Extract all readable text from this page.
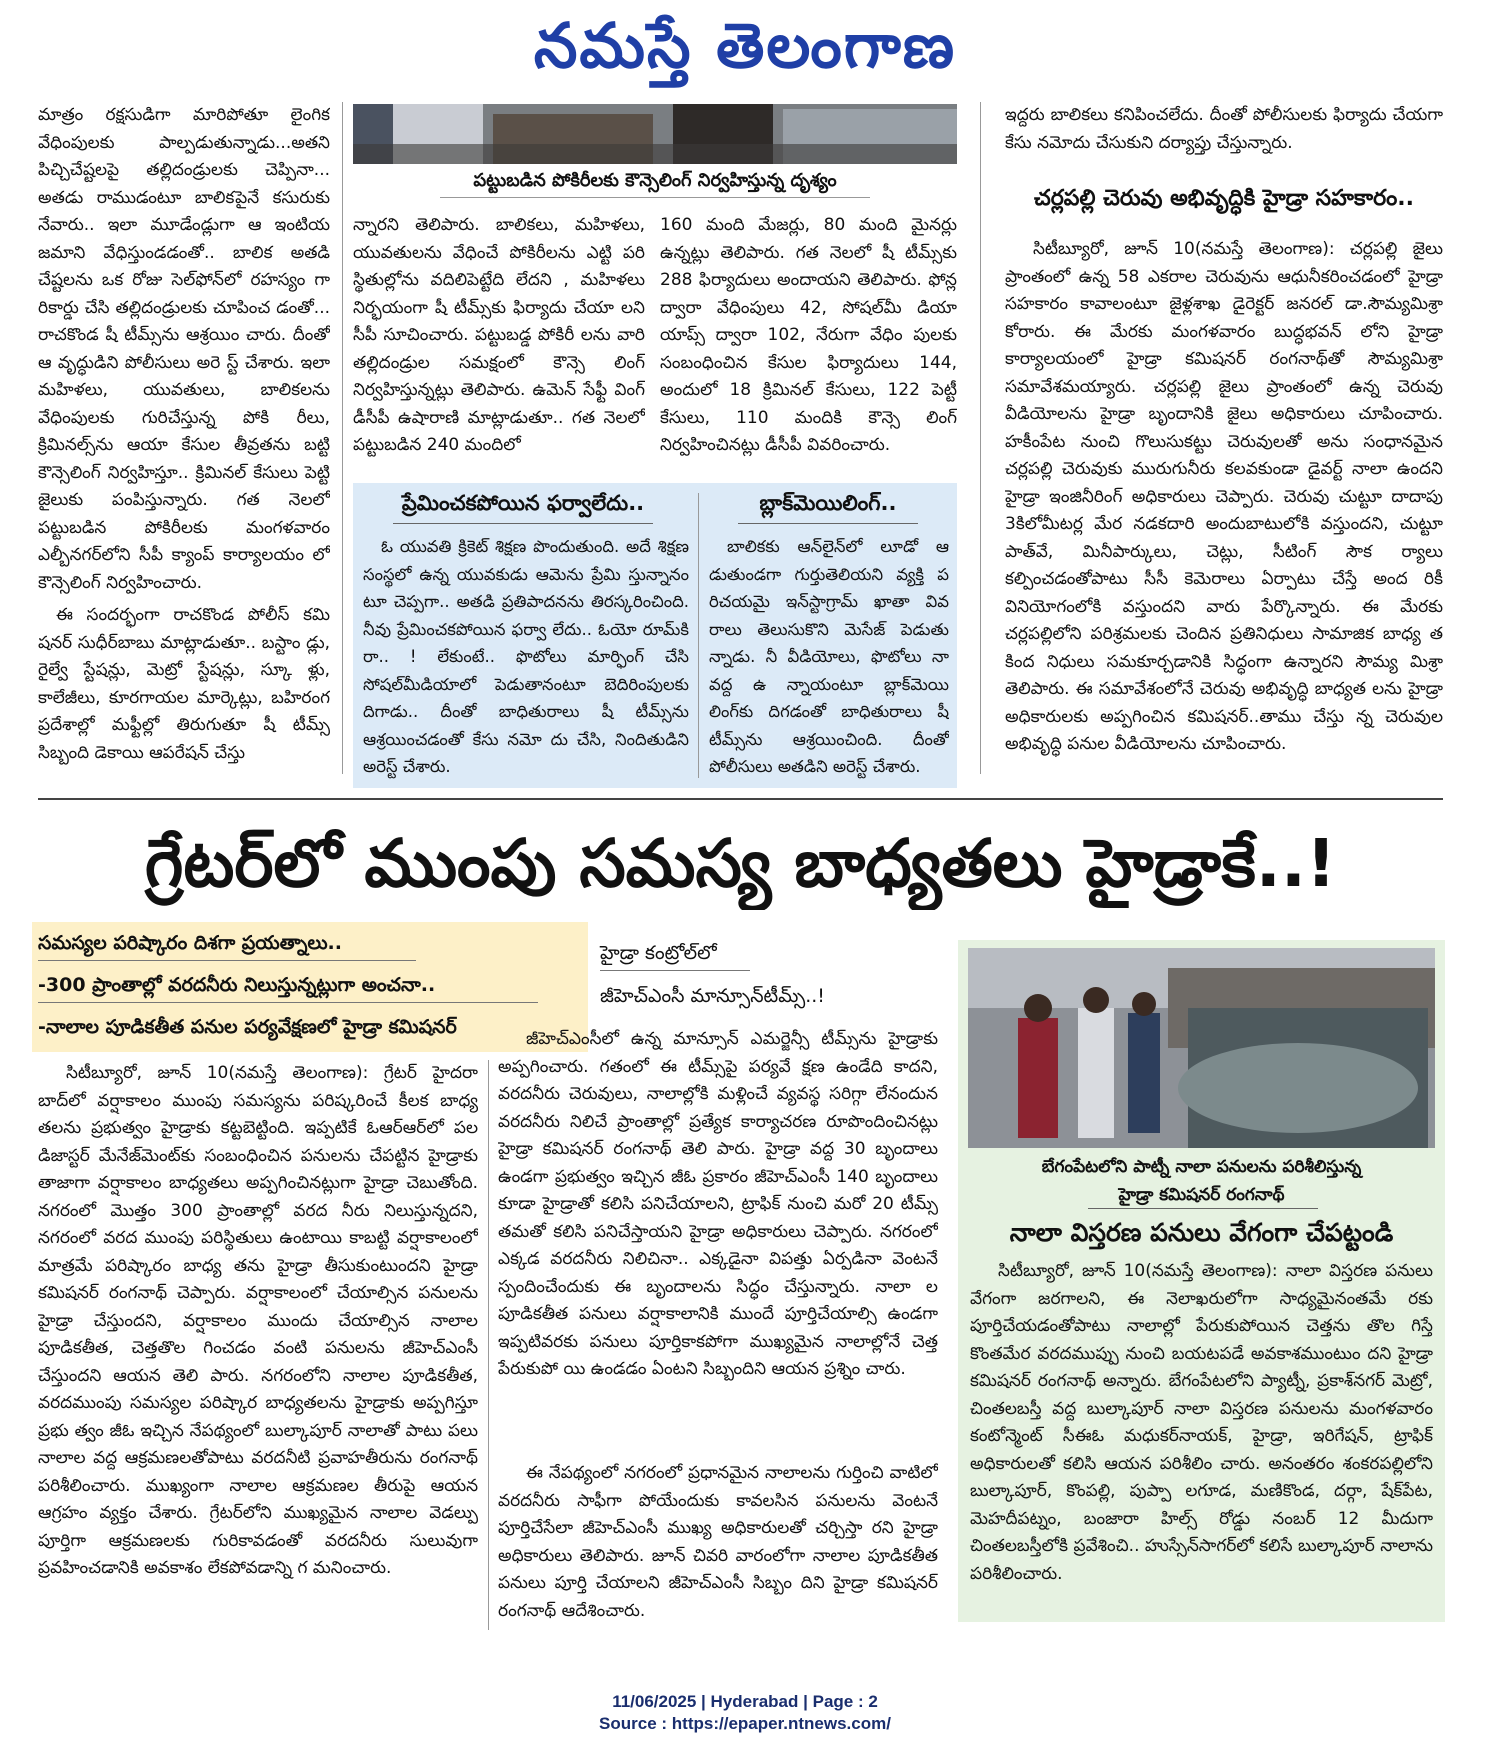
నమస్తే తెలంగాణ

మాత్రం రక్షసుడిగా మారిపోతూ లైంగిక వేధింపులకు పాల్పడుతున్నాడు...అతని పిచ్చిచేష్టలపై తల్లిదండ్రులకు చెప్పినా... అతడు రాముడంటూ బాలికపైనే కసురుకు నేవారు.. ఇలా మూడేండ్లుగా ఆ ఇంటియ జమాని వేధిస్తుండడంతో.. బాలిక అతడి చేష్టలను ఒక రోజు సెల్‌ఫోన్‌లో రహస్యం గా రికార్డు చేసి తల్లిదండ్రులకు చూపించ డంతో... రాచకొండ షీ టీమ్స్‌ను ఆశ్రయిం చారు. దీంతో ఆ వృద్ధుడిని పోలీసులు అరె స్ట్ చేశారు. ఇలా మహిళలు, యువతులు, బాలికలను వేధింపులకు గురిచేస్తున్న పోకి రీలు, క్రిమినల్స్‌ను ఆయా కేసుల తీవ్రతను బట్టి కౌన్సెలింగ్ నిర్వహిస్తూ.. క్రిమినల్ కేసులు పెట్టి జైలుకు పంపిస్తున్నారు. గత నెలలో పట్టుబడిన పోకిరీలకు మంగళవారం ఎల్బీనగర్‌లోని సీపీ క్యాంప్ కార్యాలయం లో కౌన్సెలింగ్ నిర్వహించారు.

ఈ సందర్భంగా రాచకొండ పోలీస్ కమి షనర్ సుధీర్‌బాబు మాట్లాడుతూ.. బస్టాం డ్లు, రైల్వే స్టేషన్లు, మెట్రో స్టేషన్లు, స్కూ ళ్లు, కాలేజీలు, కూరగాయల మార్కెట్లు, బహిరంగ ప్రదేశాల్లో మఫ్టీల్లో తిరుగుతూ షీ టీమ్స్ సిబ్బంది డెకాయి ఆపరేషన్ చేస్తు

పట్టుబడిన పోకిరీలకు కౌన్సెలింగ్ నిర్వహిస్తున్న దృశ్యం

న్నారని తెలిపారు. బాలికలు, మహిళలు, యువతులను వేధించే పోకిరీలను ఎట్టి పరి స్థితుల్లోను వదిలిపెట్టేది లేదని , మహిళలు నిర్భయంగా షీ టీమ్స్‌కు ఫిర్యాదు చేయా లని సీపీ సూచించారు. పట్టుబడ్డ పోకిరీ లను వారి తల్లిదండ్రుల సమక్షంలో కౌన్సె లింగ్ నిర్వహిస్తున్నట్లు తెలిపారు. ఉమెన్ సేఫ్టీ వింగ్ డీసీపీ ఉషారాణి మాట్లాడుతూ.. గత నెలలో పట్టుబడిన 240 మందిలో

160 మంది మేజర్లు, 80 మంది మైనర్లు ఉన్నట్లు తెలిపారు. గత నెలలో షీ టీమ్స్‌కు 288 ఫిర్యాదులు అందాయని తెలిపారు. ఫోన్ల ద్వారా వేధింపులు 42, సోషల్‌మీ డియా యాప్స్ ద్వారా 102, నేరుగా వేధిం పులకు సంబంధించిన కేసుల ఫిర్యాదులు 144, అందులో 18 క్రిమినల్ కేసులు, 122 పెట్టీ కేసులు, 110 మందికి కౌన్సె లింగ్ నిర్వహించినట్లు డీసీపీ వివరించారు.

ప్రేమించకపోయిన ఫర్వాలేదు..

ఓ యువతి క్రికెట్ శిక్షణ పొందుతుంది. అదే శిక్షణ సంస్థలో ఉన్న యువకుడు ఆమెను ప్రేమి స్తున్నానం టూ చెప్పగా.. అతడి ప్రతిపాదనను తిరస్కరించింది. నీవు ప్రేమించకపోయిన ఫర్వా లేదు.. ఓయో రూమ్‌కి రా.. ! లేకుంటే.. ఫొటోలు మార్ఫింగ్ చేసి సోషల్‌మీడియాలో పెడుతానంటూ బెదిరింపులకు దిగాడు.. దీంతో బాధితురాలు షీ టీమ్స్‌ను ఆశ్రయించడంతో కేసు నమో దు చేసి, నిందితుడిని అరెస్ట్ చేశారు.

బ్లాక్‌మెయిలింగ్..

బాలికకు ఆన్‌లైన్‌లో లూడో ఆ డుతుండగా గుర్తుతెలియని వ్యక్తి ప రిచయమై ఇన్‌స్టాగ్రామ్ ఖాతా వివ రాలు తెలుసుకొని మెసేజ్ పెడుతు న్నాడు. నీ వీడియోలు, ఫొటోలు నా వద్ద ఉ న్నాయంటూ బ్లాక్‌మెయి లింగ్‌కు దిగడంతో బాధితురాలు షీ టీమ్స్‌ను ఆశ్రయించింది. దీంతో పోలీసులు అతడిని అరెస్ట్ చేశారు.

ఇద్దరు బాలికలు కనిపించలేదు. దీంతో పోలీసులకు ఫిర్యాదు చేయగా కేసు నమోదు చేసుకుని దర్యాప్తు చేస్తున్నారు.

చర్లపల్లి చెరువు అభివృద్ధికి హైడ్రా సహకారం..

సిటీబ్యూరో, జూన్ 10(నమస్తే తెలంగాణ): చర్లపల్లి జైలు ప్రాంతంలో ఉన్న 58 ఎకరాల చెరువును ఆధునీకరించడంలో హైడ్రా సహకారం కావాలంటూ జైళ్లశాఖ డైరెక్టర్ జనరల్ డా.సౌమ్యమిశ్రా కోరారు. ఈ మేరకు మంగళవారం బుద్ధభవన్ లోని హైడ్రా కార్యాలయంలో హైడ్రా కమిషనర్ రంగనాథ్‌తో సౌమ్యమిశ్రా సమావేశమయ్యారు. చర్లపల్లి జైలు ప్రాంతంలో ఉన్న చెరువు వీడియోలను హైడ్రా బృందానికి జైలు అధికారులు చూపించారు. హకీంపేట నుంచి గొలుసుకట్టు చెరువులతో అను సంధానమైన చర్లపల్లి చెరువుకు మురుగునీరు కలవకుండా డైవర్ట్ నాలా ఉందని హైడ్రా ఇంజినీరింగ్ అధికారులు చెప్పారు. చెరువు చుట్టూ దాదాపు 3కిలోమీటర్ల మేర నడకదారి అందుబాటులోకి వస్తుందని, చుట్టూ పాత్‌వే, మినీపార్కులు, చెట్లు, సీటింగ్ సౌక ర్యాలు కల్పించడంతోపాటు సీసీ కెమెరాలు ఏర్పాటు చేస్తే అంద రికీ వినియోగంలోకి వస్తుందని వారు పేర్కొన్నారు. ఈ మేరకు చర్లపల్లిలోని పరిశ్రమలకు చెందిన ప్రతినిధులు సామాజిక బాధ్య త కింద నిధులు సమకూర్చడానికి సిద్ధంగా ఉన్నారని సౌమ్య మిశ్రా తెలిపారు. ఈ సమావేశంలోనే చెరువు అభివృద్ధి బాధ్యత లను హైడ్రా అధికారులకు అప్పగించిన కమిషనర్..తాము చేస్తు న్న చెరువుల అభివృద్ధి పనుల వీడియోలను చూపించారు.

గ్రేటర్‌లో ముంపు సమస్య బాధ్యతలు హైడ్రాకే..!
సమస్యల పరిష్కారం దిశగా ప్రయత్నాలు..
-300 ప్రాంతాల్లో వరదనీరు నిలుస్తున్నట్లుగా అంచనా..
-నాలాల పూడికతీత పనుల పర్యవేక్షణలో హైడ్రా కమిషనర్
హైడ్రా కంట్రోల్‌లో
జీహెచ్‌ఎంసీ మాన్సూన్‌టీమ్స్..!

సిటీబ్యూరో, జూన్ 10(నమస్తే తెలంగాణ): గ్రేటర్ హైదరా బాద్‌లో వర్షాకాలం ముంపు సమస్యను పరిష్కరించే కీలక బాధ్య తలను ప్రభుత్వం హైడ్రాకు కట్టబెట్టింది. ఇప్పటికే ఓఆర్‌ఆర్‌లో పల డిజాస్టర్ మేనేజ్‌మెంట్‌కు సంబంధించిన పనులను చేపట్టిన హైడ్రాకు తాజాగా వర్షాకాలం బాధ్యతలు అప్పగించినట్లుగా హైడ్రా చెబుతోంది. నగరంలో మొత్తం 300 ప్రాంతాల్లో వరద నీరు నిలుస్తున్నదని, నగరంలో వరద ముంపు పరిస్థితులు ఉంటాయి కాబట్టి వర్షాకాలంలో మాత్రమే పరిష్కారం బాధ్య తను హైడ్రా తీసుకుంటుందని హైడ్రా కమిషనర్ రంగనాథ్ చెప్పారు. వర్షాకాలంలో చేయాల్సిన పనులను హైడ్రా చేస్తుందని, వర్షాకాలం ముందు చేయాల్సిన నాలాల పూడికతీత, చెత్తతొల గించడం వంటి పనులను జీహెచ్‌ఎంసీ చేస్తుందని ఆయన తెలి పారు. నగరంలోని నాలాల పూడికతీత, వరదముంపు సమస్యల పరిష్కార బాధ్యతలను హైడ్రాకు అప్పగిస్తూ ప్రభు త్వం జీఓ ఇచ్చిన నేపథ్యంలో బుల్కాపూర్ నాలాతో పాటు పలు నాలాల వద్ద ఆక్రమణలతోపాటు వరదనీటి ప్రవాహతీరును రంగనాథ్ పరిశీలించారు. ముఖ్యంగా నాలాల ఆక్రమణల తీరుపై ఆయన ఆగ్రహం వ్యక్తం చేశారు. గ్రేటర్‌లోని ముఖ్యమైన నాలాల వెడల్పు పూర్తిగా ఆక్రమణలకు గురికావడంతో వరదనీరు సులువుగా ప్రవహించడానికి అవకాశం లేకపోవడాన్ని గ మనించారు.

జీహెచ్‌ఎంసీలో ఉన్న మాన్సూన్ ఎమర్జెన్సీ టీమ్స్‌ను హైడ్రాకు అప్పగించారు. గతంలో ఈ టీమ్స్‌పై పర్యవే క్షణ ఉండేది కాదని, వరదనీరు చెరువులు, నాలాల్లోకి మళ్లించే వ్యవస్థ సరిగ్గా లేనందున వరదనీరు నిలిచే ప్రాంతాల్లో ప్రత్యేక కార్యాచరణ రూపొందించినట్లు హైడ్రా కమిషనర్ రంగనాథ్ తెలి పారు. హైడ్రా వద్ద 30 బృందాలు ఉండగా ప్రభుత్వం ఇచ్చిన జీఓ ప్రకారం జీహెచ్‌ఎంసీ 140 బృందాలు కూడా హైడ్రాతో కలిసి పనిచేయాలని, ట్రాఫిక్ నుంచి మరో 20 టీమ్స్ తమతో కలిసి పనిచేస్తాయని హైడ్రా అధికారులు చెప్పారు. నగరంలో ఎక్కడ వరదనీరు నిలిచినా.. ఎక్కడైనా విపత్తు ఏర్పడినా వెంటనే స్పందించేందుకు ఈ బృందాలను సిద్ధం చేస్తున్నారు. నాలా ల పూడికతీత పనులు వర్షాకాలానికి ముందే పూర్తిచేయాల్సి ఉండగా ఇప్పటివరకు పనులు పూర్తికాకపోగా ముఖ్యమైన నాలాల్లోనే చెత్త పేరుకుపో యి ఉండడం ఏంటని సిబ్బందిని ఆయన ప్రశ్నిం చారు.

ఈ నేపథ్యంలో నగరంలో ప్రధానమైన నాలాలను గుర్తించి వాటిలో వరదనీరు సాఫీగా పోయేందుకు కావలసిన పనులను వెంటనే పూర్తిచేసేలా జీహెచ్‌ఎంసీ ముఖ్య అధికారులతో చర్చిస్తా రని హైడ్రా అధికారులు తెలిపారు. జూన్ చివరి వారంలోగా నాలాల పూడికతీత పనులు పూర్తి చేయాలని జీహెచ్‌ఎంసీ సిబ్బం దిని హైడ్రా కమిషనర్ రంగనాథ్ ఆదేశించారు.

బేగంపేటలోని పాట్నీ నాలా పనులను పరిశీలిస్తున్న
హైడ్రా కమిషనర్ రంగనాథ్
నాలా విస్తరణ పనులు వేగంగా చేపట్టండి

సిటీబ్యూరో, జూన్ 10(నమస్తే తెలంగాణ): నాలా విస్తరణ పనులు వేగంగా జరగాలని, ఈ నెలాఖరులోగా సాధ్యమైనంతమే రకు పూర్తిచేయడంతోపాటు నాలాల్లో పేరుకుపోయిన చెత్తను తొల గిస్తే కొంతమేర వరదముప్పు నుంచి బయటపడే అవకాశముంటుం దని హైడ్రా కమిషనర్ రంగనాథ్ అన్నారు. బేగంపేటలోని ప్యాట్నీ, ప్రకాశ్‌నగర్ మెట్రో, చింతలబస్తీ వద్ద బుల్కాపూర్ నాలా విస్తరణ పనులను మంగళవారం కంటోన్మెంట్ సీఈఓ మధుకర్‌నాయక్, హైడ్రా, ఇరిగేషన్, ట్రాఫిక్ అధికారులతో కలిసి ఆయన పరిశీలిం చారు. అనంతరం శంకరపల్లిలోని బుల్కాపూర్, కొంపల్లి, పుప్పా లగూడ, మణికొండ, దర్గా, షేక్‌పేట, మెహదీపట్నం, బంజారా హిల్స్ రోడ్డు నంబర్ 12 మీదుగా చింతలబస్తీలోకి ప్రవేశించి.. హుస్సేన్‌సాగర్‌లో కలిసే బుల్కాపూర్ నాలాను పరిశీలించారు.

11/06/2025 | Hyderabad | Page : 2
Source : https://epaper.ntnews.com/
